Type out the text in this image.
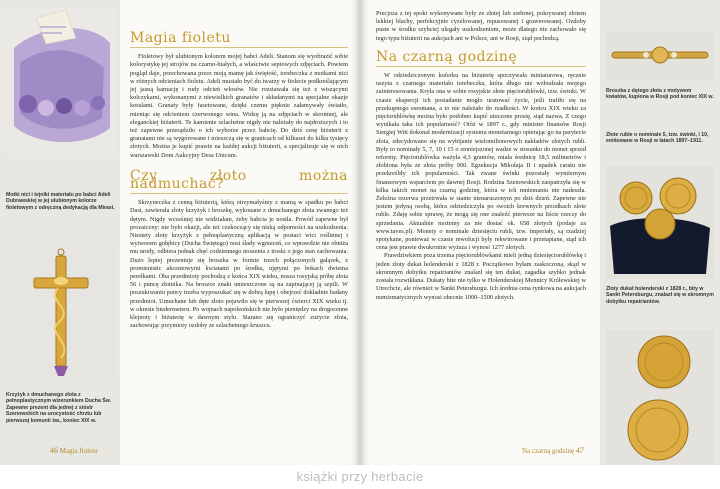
Motki nici i tejniki materiału po babci Adeli Dubrawskiej w jej ulubionym kolorze fioletowym z odręczną dedykacją dla Mirasi.
Krzyżyk z dmuchanego złota z pełnoplastycznym wizerunkiem Ducha Św. Zapewne prezent dla jednej z sióstr Szenowskich na urocystość chrztu lub pierwszej komunii św., koniec XIX w.
Magia fioletu

Fioletowy był ulubionym kolorem mojej babci Adeli. Stanom się wyobrazić sobie kolorystykę jej strojów na czarno-białych, a właściwie sepiowych zdjęciach. Powiem pogląd daje, przechowana przez moją mamę jak świętość, torebeczka z motkami nici w różnych odcieniach fioletu. Adeli musiało być do twarzy w fiolecie podkreślającym jej jasną karnację i rudy odcień włosów. Nie rozstawała się też z wiszącymi kolczykami, wykonanymi z niewielkich granatów i składanymi na specjalne okazje koralami. Granaty były fasetowane, dzięki czemu pięknie załamywały światło, mieniąc się odcieniem czerwonego wina. Widzę ją na zdjęciach w skromnej, ale eleganckiej biżuterii. Te kamienie szlachetne nigdy nie należały do najdroższych i to też zapewne przesądziło o ich wyborze przez babcię. Do dziś cenę biżuterii z granatami nie są wygórowane i mieszczą się w granicach od kilkuset do kilku tysięcy złotych. Można je kupić prawie na każdej aukcji biżuterii, a specjalizuje się w nich warszawski Dom Aukcyjny Desa Unicum.

Czy złoto można nadmuchać?

Skrzyneczka z cenną biżuterią, którą otrzymałyśmy z mamą w spadku po babci Dasi, zawierała złoty krzyżyk i broszkę, wykonane z dmuchanego złota zwanego też dętym. Nigdy wcześniej nie widziałam, żeby babcia je nosiła. Powód zapewne był prozaiczny: nie było okazji, ale też czekoczący się niską odporności na uszkodzenia. Niestety złoty krzyżyk z pełnoplastyczną aplikacją w postaci wici roślinnej i wytworem gołębicy (Ducha Świętego) nosi ślady wgnieceń, co wprawdzie nie obniża mu urody, odbiera jednak chęć codziennego noszenia z troski o jego stan zachowania. Dużo lepiej prezentuje się broszka w formie trzech połączonych gałązek, z promienistic akcentowymi kwiatami po środku, ujętymi po bokach dwiema perełkami. Oba przedmioty pochodzą z końca XIX wieku, nosza rosyjską próbę złota 56 i puncę złotnika. Na broszce znaki umieszczone są na zapinającej ją szpili. W poszukiwaniu puncy trzeba wyposzukać się w dobrą lupę i obejrzeć dokładnie badany przedmiot. Umuchane lub dęte złoto pojawiło się w pierwszej ćwierci XIX wieku tj. w okresie biedermeieru. Po wojnach napoleońskich nie było pieniędzy na drogocenne klejnoty i biżuterię w dawnym stylu. Starano się ograniczyć zużycie złota, zachowując przymioty ozdoby ze szlachetnego kruszcu.

46 Magia fioletu

Precjoza z tej epoki wykonywane były ze złotej lub srebrnej, pokrywanej złotem lekkiej blachy, perfekcyjnie cyzelowanej, repusowanej i grawerowanej. Ozdoby puste w środku szybciej ulegały uszkodzeniom, może dlatego nie zachowało się tego typu biżuterii na aukcjach ani w Polsce, ani w Rosji, siąd pochodzą.

Na czarną godzinę

W odziedziczonym kuferku na biżuterię spoczywała miniaturowa, ręcznie uszyta z czarnego materiału torebeczka, która długo nie wzbudzała mojego zainteresowania. Kryła ona w sobie rosyjskie złote pięciorublówki, tzw. świnki. W czasie ekspercji ich posiadanie mogło uratować życie, jeśli trafiło się na przekupnego esesmana, a to nie należało do rzadkości. W końcu XIX wieku za pięciorublówkę można było podobno kupić utuczone prosię, stąd nazwa. Z czego wynikała taka ich popularność? Otóż w 1897 r., gdy minister finansów Rosji Siergiej Witt dokonał modernizacji systemu monetarnego opierając go na parytecie złota, zdecydowano się na wybijanie wielomilionowych nakładów złotych rubli. Były to nominały 5, 7, 10 i 15 o zmniejszonej wadze w stosunku do monet sprzed reformy. Pięciorublówka ważyła 4,3 gramów, miała średnicę 18,5 milimetrów i złobiona była ze złota próby 900. Egzekucja Mikołaja II i upadek caratu nie przekreśliły ich popularności. Tak zwane świnki pozostały wymiernym finansowym wsparciem po dawnej Rosji. Rodzina Szenowskich zaopatrzyła się w kilka takich monet na czarną godzinę, która w ich mniemaniu nie nadeszła. Żeleźna rezerwa przetrwała w stanie nienaruszonym po dziś dzień. Zapewne nie jestem jedyną osobą, która odziedziczyła po swoich krewnych przodkach złote ruble. Zdaję sobie sprawę, że mogą się one znaleźć pierwsze na liście rzeczy do sprzedania. Aktualnie możemy za nie dostać ok. 658 złotych (podaje za www.taves.pl). Monety o nominale dziesięciu rubli, tzw. imperiały, są rzadziej spotykane, ponieważ w czasie rewolucji były rekwirowane i przetapiane, stąd ich cena jest prawie dwukrotnie wyższa i wynosi 1277 złotych.

Prawdziwkiem poza trzema pięciorublówkami mieli jedną dziesięciorublówkę i jeden złoty dukat holenderski z 1828 r. Początkowo byłam zaskoczona, skąd w skromnym dobytku repatriantów znalazł się ten dukat, zagadka szybko jednak została rozwikłana. Dukaty bite nie tylko w Holenderskiej Mennicy Królewskiej w Utrechcie, ale również w Sankt Petersburgu. Ich średnia cena rynkowa na aukcjach numizmatycznych wynosi obecnie 1000–1500 złotych.

Broszka z dętego złota z motywem kwiatów, kupiona w Rosji pod koniec XIX w.
Złote ruble o nominale 5, tzw. świnki, i 10, emitowane w Rosji w latach 1897–1911.
Złoty dukat holenderski z 1828 r., bity w Sankt Petersburgu, znalazł się w skromnym dobytku repatriantów.
Na czarną godzinę 47
książki przy herbacie
